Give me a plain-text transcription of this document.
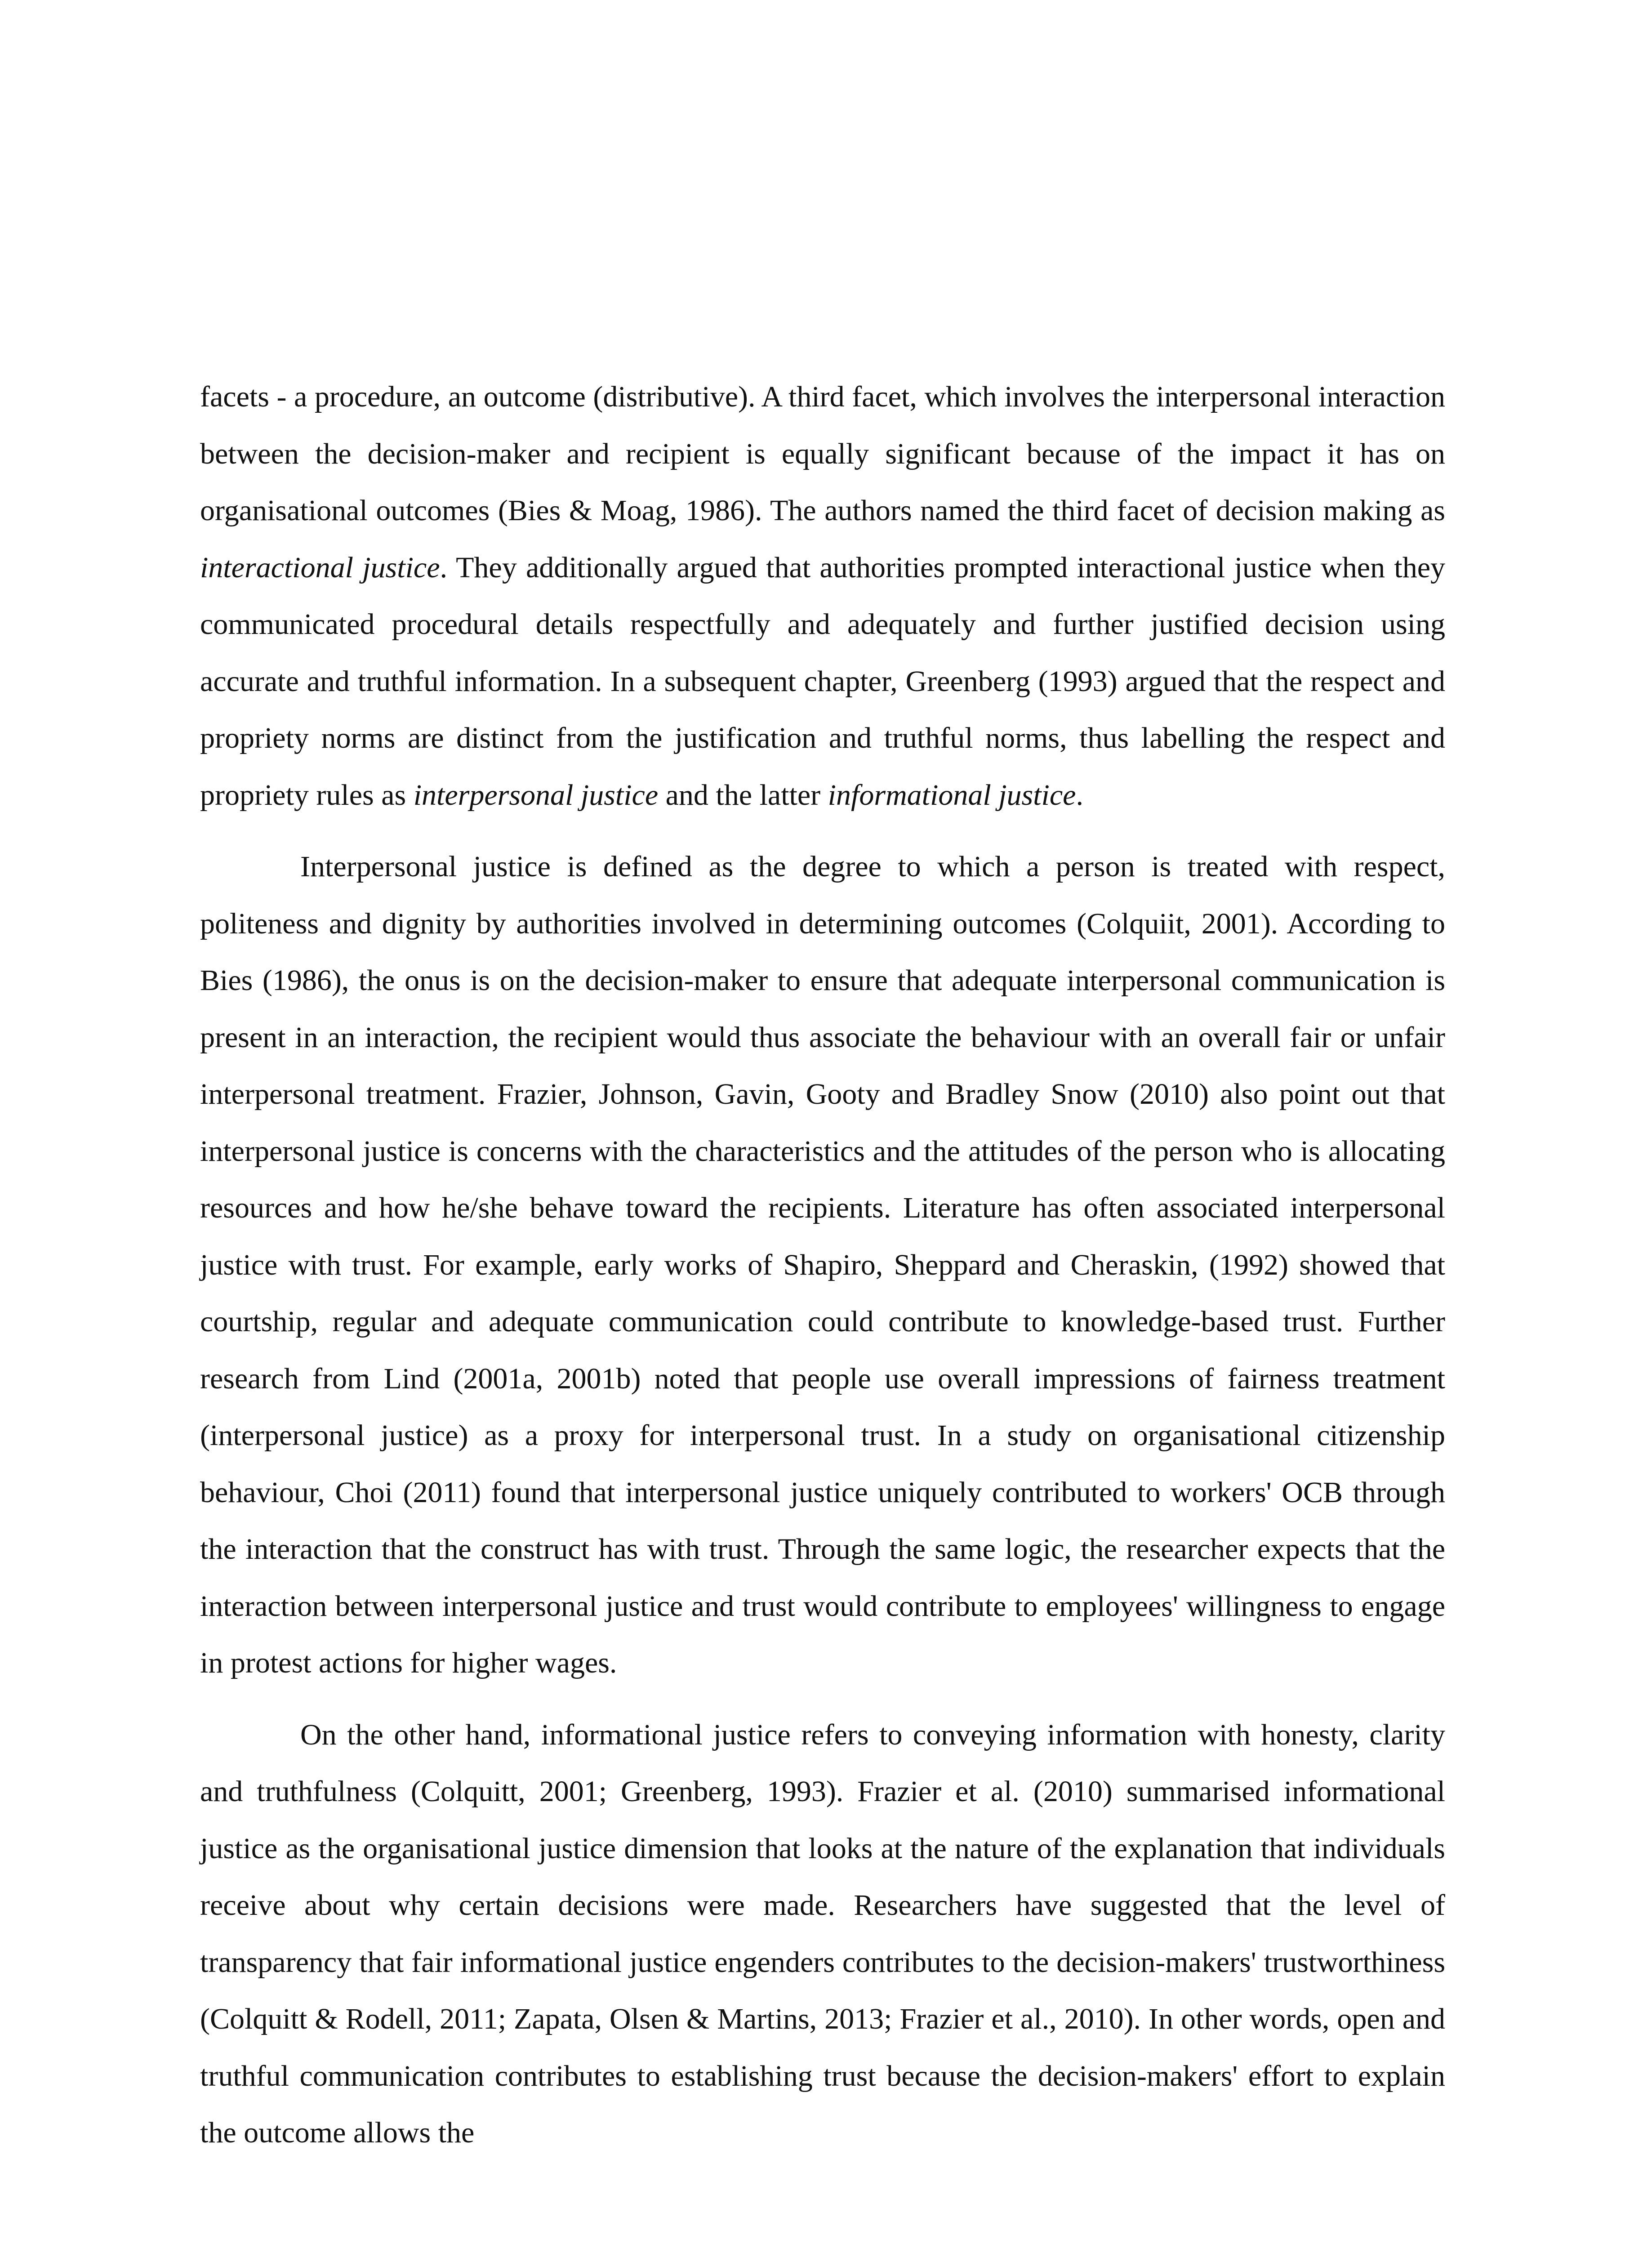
facets - a procedure, an outcome (distributive). A third facet, which involves the interpersonal interaction between the decision-maker and recipient is equally significant because of the impact it has on organisational outcomes (Bies & Moag, 1986). The authors named the third facet of decision making as interactional justice. They additionally argued that authorities prompted interactional justice when they communicated procedural details respectfully and adequately and further justified decision using accurate and truthful information. In a subsequent chapter, Greenberg (1993) argued that the respect and propriety norms are distinct from the justification and truthful norms, thus labelling the respect and propriety rules as interpersonal justice and the latter informational justice.

Interpersonal justice is defined as the degree to which a person is treated with respect, politeness and dignity by authorities involved in determining outcomes (Colquiit, 2001). According to Bies (1986), the onus is on the decision-maker to ensure that adequate interpersonal communication is present in an interaction, the recipient would thus associate the behaviour with an overall fair or unfair interpersonal treatment. Frazier, Johnson, Gavin, Gooty and Bradley Snow (2010) also point out that interpersonal justice is concerns with the characteristics and the attitudes of the person who is allocating resources and how he/she behave toward the recipients. Literature has often associated interpersonal justice with trust. For example, early works of Shapiro, Sheppard and Cheraskin, (1992) showed that courtship, regular and adequate communication could contribute to knowledge-based trust. Further research from Lind (2001a, 2001b) noted that people use overall impressions of fairness treatment (interpersonal justice) as a proxy for interpersonal trust. In a study on organisational citizenship behaviour, Choi (2011) found that interpersonal justice uniquely contributed to workers' OCB through the interaction that the construct has with trust. Through the same logic, the researcher expects that the interaction between interpersonal justice and trust would contribute to employees' willingness to engage in protest actions for higher wages.

On the other hand, informational justice refers to conveying information with honesty, clarity and truthfulness (Colquitt, 2001; Greenberg, 1993). Frazier et al. (2010) summarised informational justice as the organisational justice dimension that looks at the nature of the explanation that individuals receive about why certain decisions were made. Researchers have suggested that the level of transparency that fair informational justice engenders contributes to the decision-makers' trustworthiness (Colquitt & Rodell, 2011; Zapata, Olsen & Martins, 2013; Frazier et al., 2010). In other words, open and truthful communication contributes to establishing trust because the decision-makers' effort to explain the outcome allows the
